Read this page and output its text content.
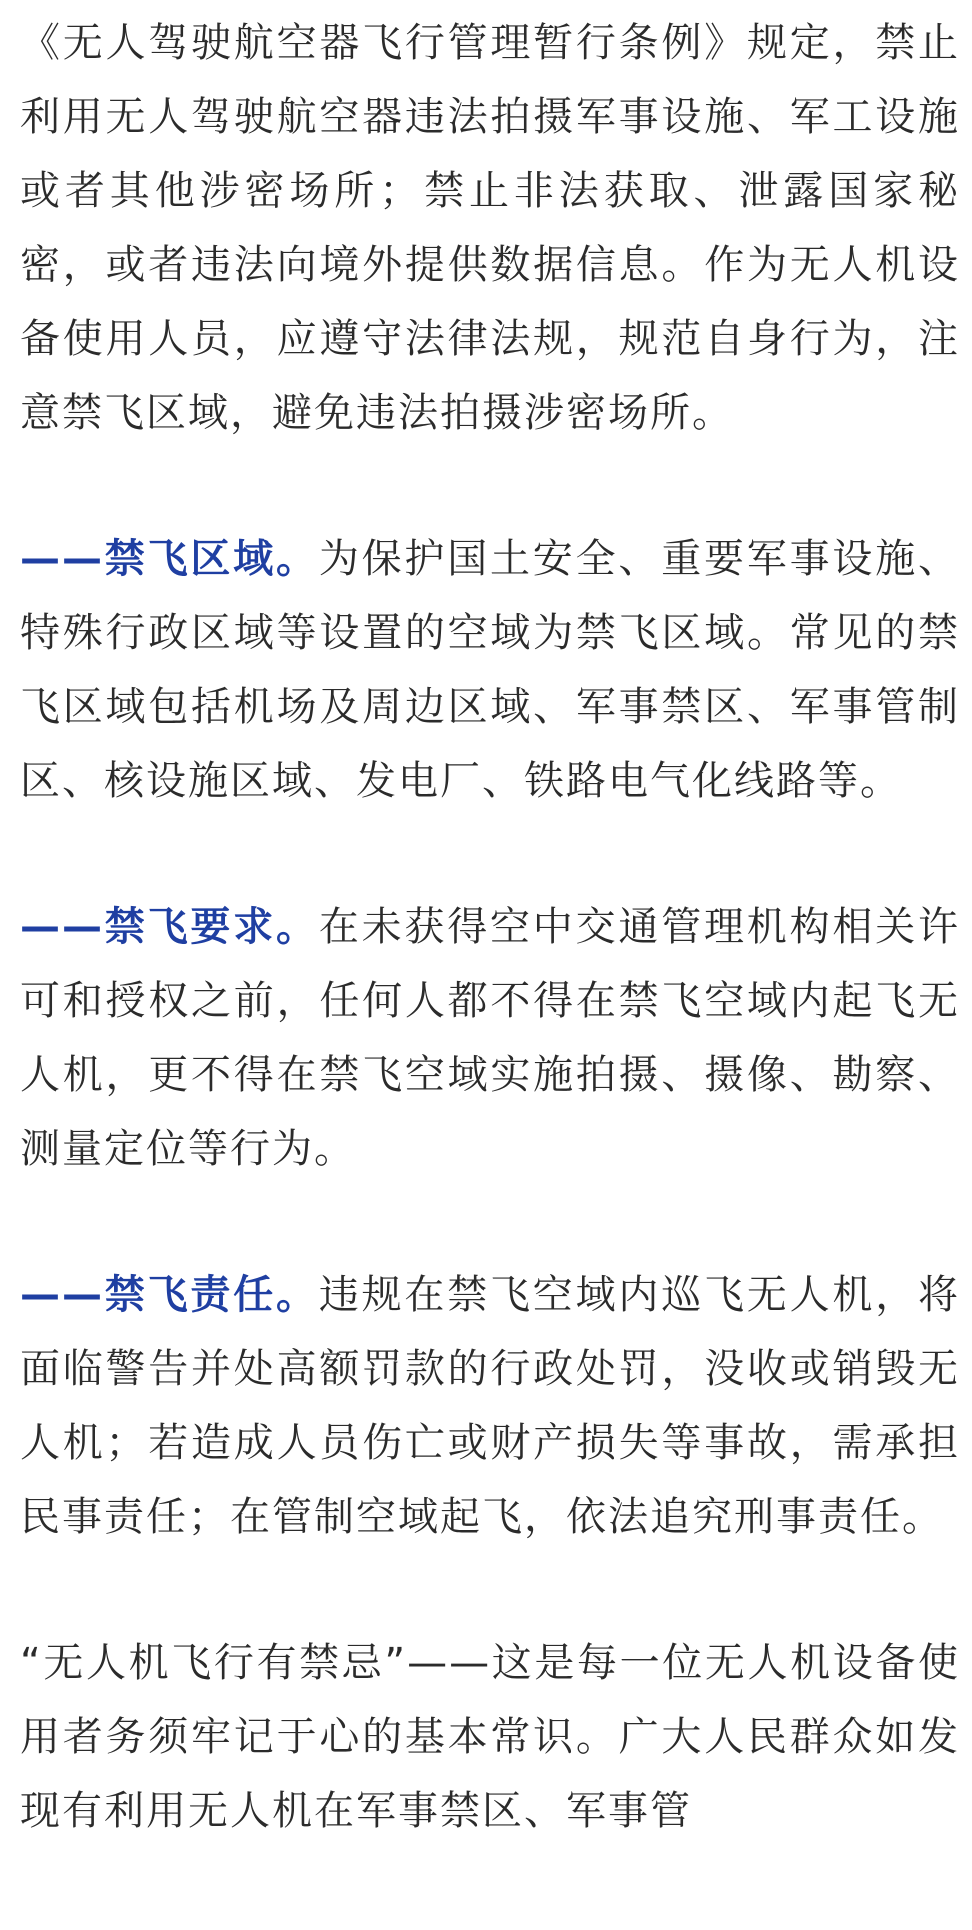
《无人驾驶航空器飞行管理暂行条例》规定，禁止利用无人驾驶航空器违法拍摄军事设施、军工设施或者其他涉密场所；禁止非法获取、泄露国家秘密，或者违法向境外提供数据信息。作为无人机设备使用人员，应遵守法律法规，规范自身行为，注意禁飞区域，避免违法拍摄涉密场所。

——禁飞区域。为保护国土安全、重要军事设施、特殊行政区域等设置的空域为禁飞区域。常见的禁飞区域包括机场及周边区域、军事禁区、军事管制区、核设施区域、发电厂、铁路电气化线路等。

——禁飞要求。在未获得空中交通管理机构相关许可和授权之前，任何人都不得在禁飞空域内起飞无人机，更不得在禁飞空域实施拍摄、摄像、勘察、测量定位等行为。

——禁飞责任。违规在禁飞空域内巡飞无人机，将面临警告并处高额罚款的行政处罚，没收或销毁无人机；若造成人员伤亡或财产损失等事故，需承担民事责任；在管制空域起飞，依法追究刑事责任。

“无人机飞行有禁忌”——这是每一位无人机设备使用者务须牢记于心的基本常识。广大人民群众如发现有利用无人机在军事禁区、军事管
